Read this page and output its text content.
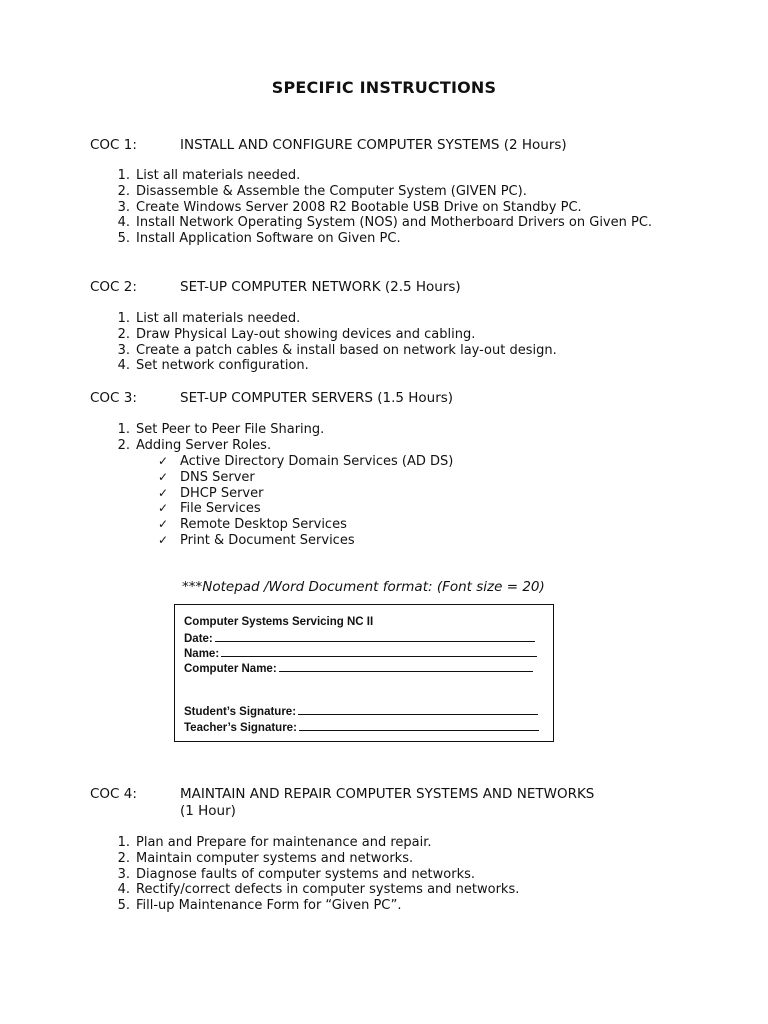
SPECIFIC INSTRUCTIONS
COC 1:	INSTALL AND CONFIGURE COMPUTER SYSTEMS (2 Hours)
1. List all materials needed.
2. Disassemble & Assemble the Computer System (GIVEN PC).
3. Create Windows Server 2008 R2 Bootable USB Drive on Standby PC.
4. Install Network Operating System (NOS) and Motherboard Drivers on Given PC.
5. Install Application Software on Given PC.
COC 2:	SET-UP COMPUTER NETWORK (2.5 Hours)
1. List all materials needed.
2. Draw Physical Lay-out showing devices and cabling.
3. Create a patch cables & install based on network lay-out design.
4. Set network configuration.
COC 3:	SET-UP COMPUTER SERVERS (1.5 Hours)
1. Set Peer to Peer File Sharing.
2. Adding Server Roles.
✓ Active Directory Domain Services (AD DS)
✓ DNS Server
✓ DHCP Server
✓ File Services
✓ Remote Desktop Services
✓ Print & Document Services
***Notepad /Word Document format: (Font size = 20)
Computer Systems Servicing NC II
Date:
Name:
Computer Name:
Student’s Signature:
Teacher’s Signature:
COC 4:	MAINTAIN AND REPAIR COMPUTER SYSTEMS AND NETWORKS
(1 Hour)
1. Plan and Prepare for maintenance and repair.
2. Maintain computer systems and networks.
3. Diagnose faults of computer systems and networks.
4. Rectify/correct defects in computer systems and networks.
5. Fill-up Maintenance Form for “Given PC”.
